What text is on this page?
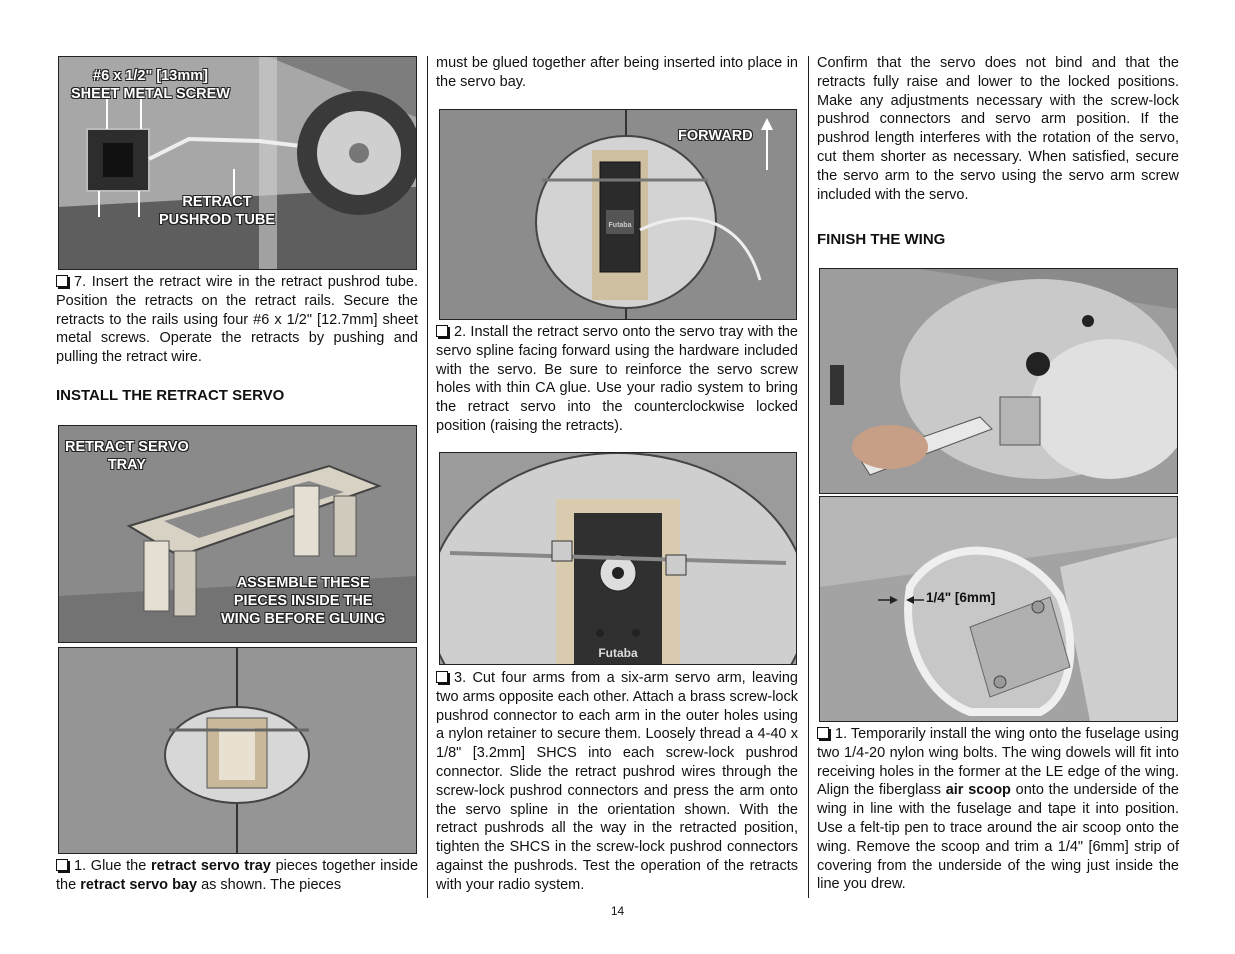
#6 x 1/2" [13mm]
SHEET METAL SCREW
RETRACT
PUSHROD TUBE

7. Insert the retract wire in the retract pushrod tube. Position the retracts on the retract rails. Secure the retracts to the rails using four #6 x 1/2" [12.7mm] sheet metal screws. Operate the retracts by pushing and pulling the retract wire.

INSTALL THE RETRACT SERVO
RETRACT SERVO
TRAY
ASSEMBLE THESE
PIECES INSIDE THE
WING BEFORE GLUING

1. Glue the retract servo tray pieces together inside the retract servo bay as shown. The pieces

must be glued together after being inserted into place in the servo bay.

FORWARD
Futaba

2. Install the retract servo onto the servo tray with the servo spline facing forward using the hardware included with the servo. Be sure to reinforce the servo screw holes with thin CA glue. Use your radio system to bring the retract servo into the counterclockwise locked position (raising the retracts).

Futaba

3. Cut four arms from a six-arm servo arm, leaving two arms opposite each other. Attach a brass screw-lock pushrod connector to each arm in the outer holes using a nylon retainer to secure them. Loosely thread a 4-40 x 1/8" [3.2mm] SHCS into each screw-lock pushrod connector. Slide the retract pushrod wires through the screw-lock pushrod connectors and press the arm onto the servo spline in the orientation shown. With the retract pushrods all the way in the retracted position, tighten the SHCS in the screw-lock pushrod connectors against the pushrods. Test the operation of the retracts with your radio system.

Confirm that the servo does not bind and that the retracts fully raise and lower to the locked positions. Make any adjustments necessary with the screw-lock pushrod connectors and servo arm position. If the pushrod length interferes with the rotation of the servo, cut them shorter as necessary. When satisfied, secure the servo arm to the servo using the servo arm screw included with the servo.

FINISH THE WING
1/4" [6mm]

1. Temporarily install the wing onto the fuselage using two 1/4-20 nylon wing bolts. The wing dowels will fit into receiving holes in the former at the LE edge of the wing. Align the fiberglass air scoop onto the underside of the wing in line with the fuselage and tape it into position. Use a felt-tip pen to trace around the air scoop onto the wing. Remove the scoop and trim a 1/4" [6mm] strip of covering from the underside of the wing just inside the line you drew.

14
